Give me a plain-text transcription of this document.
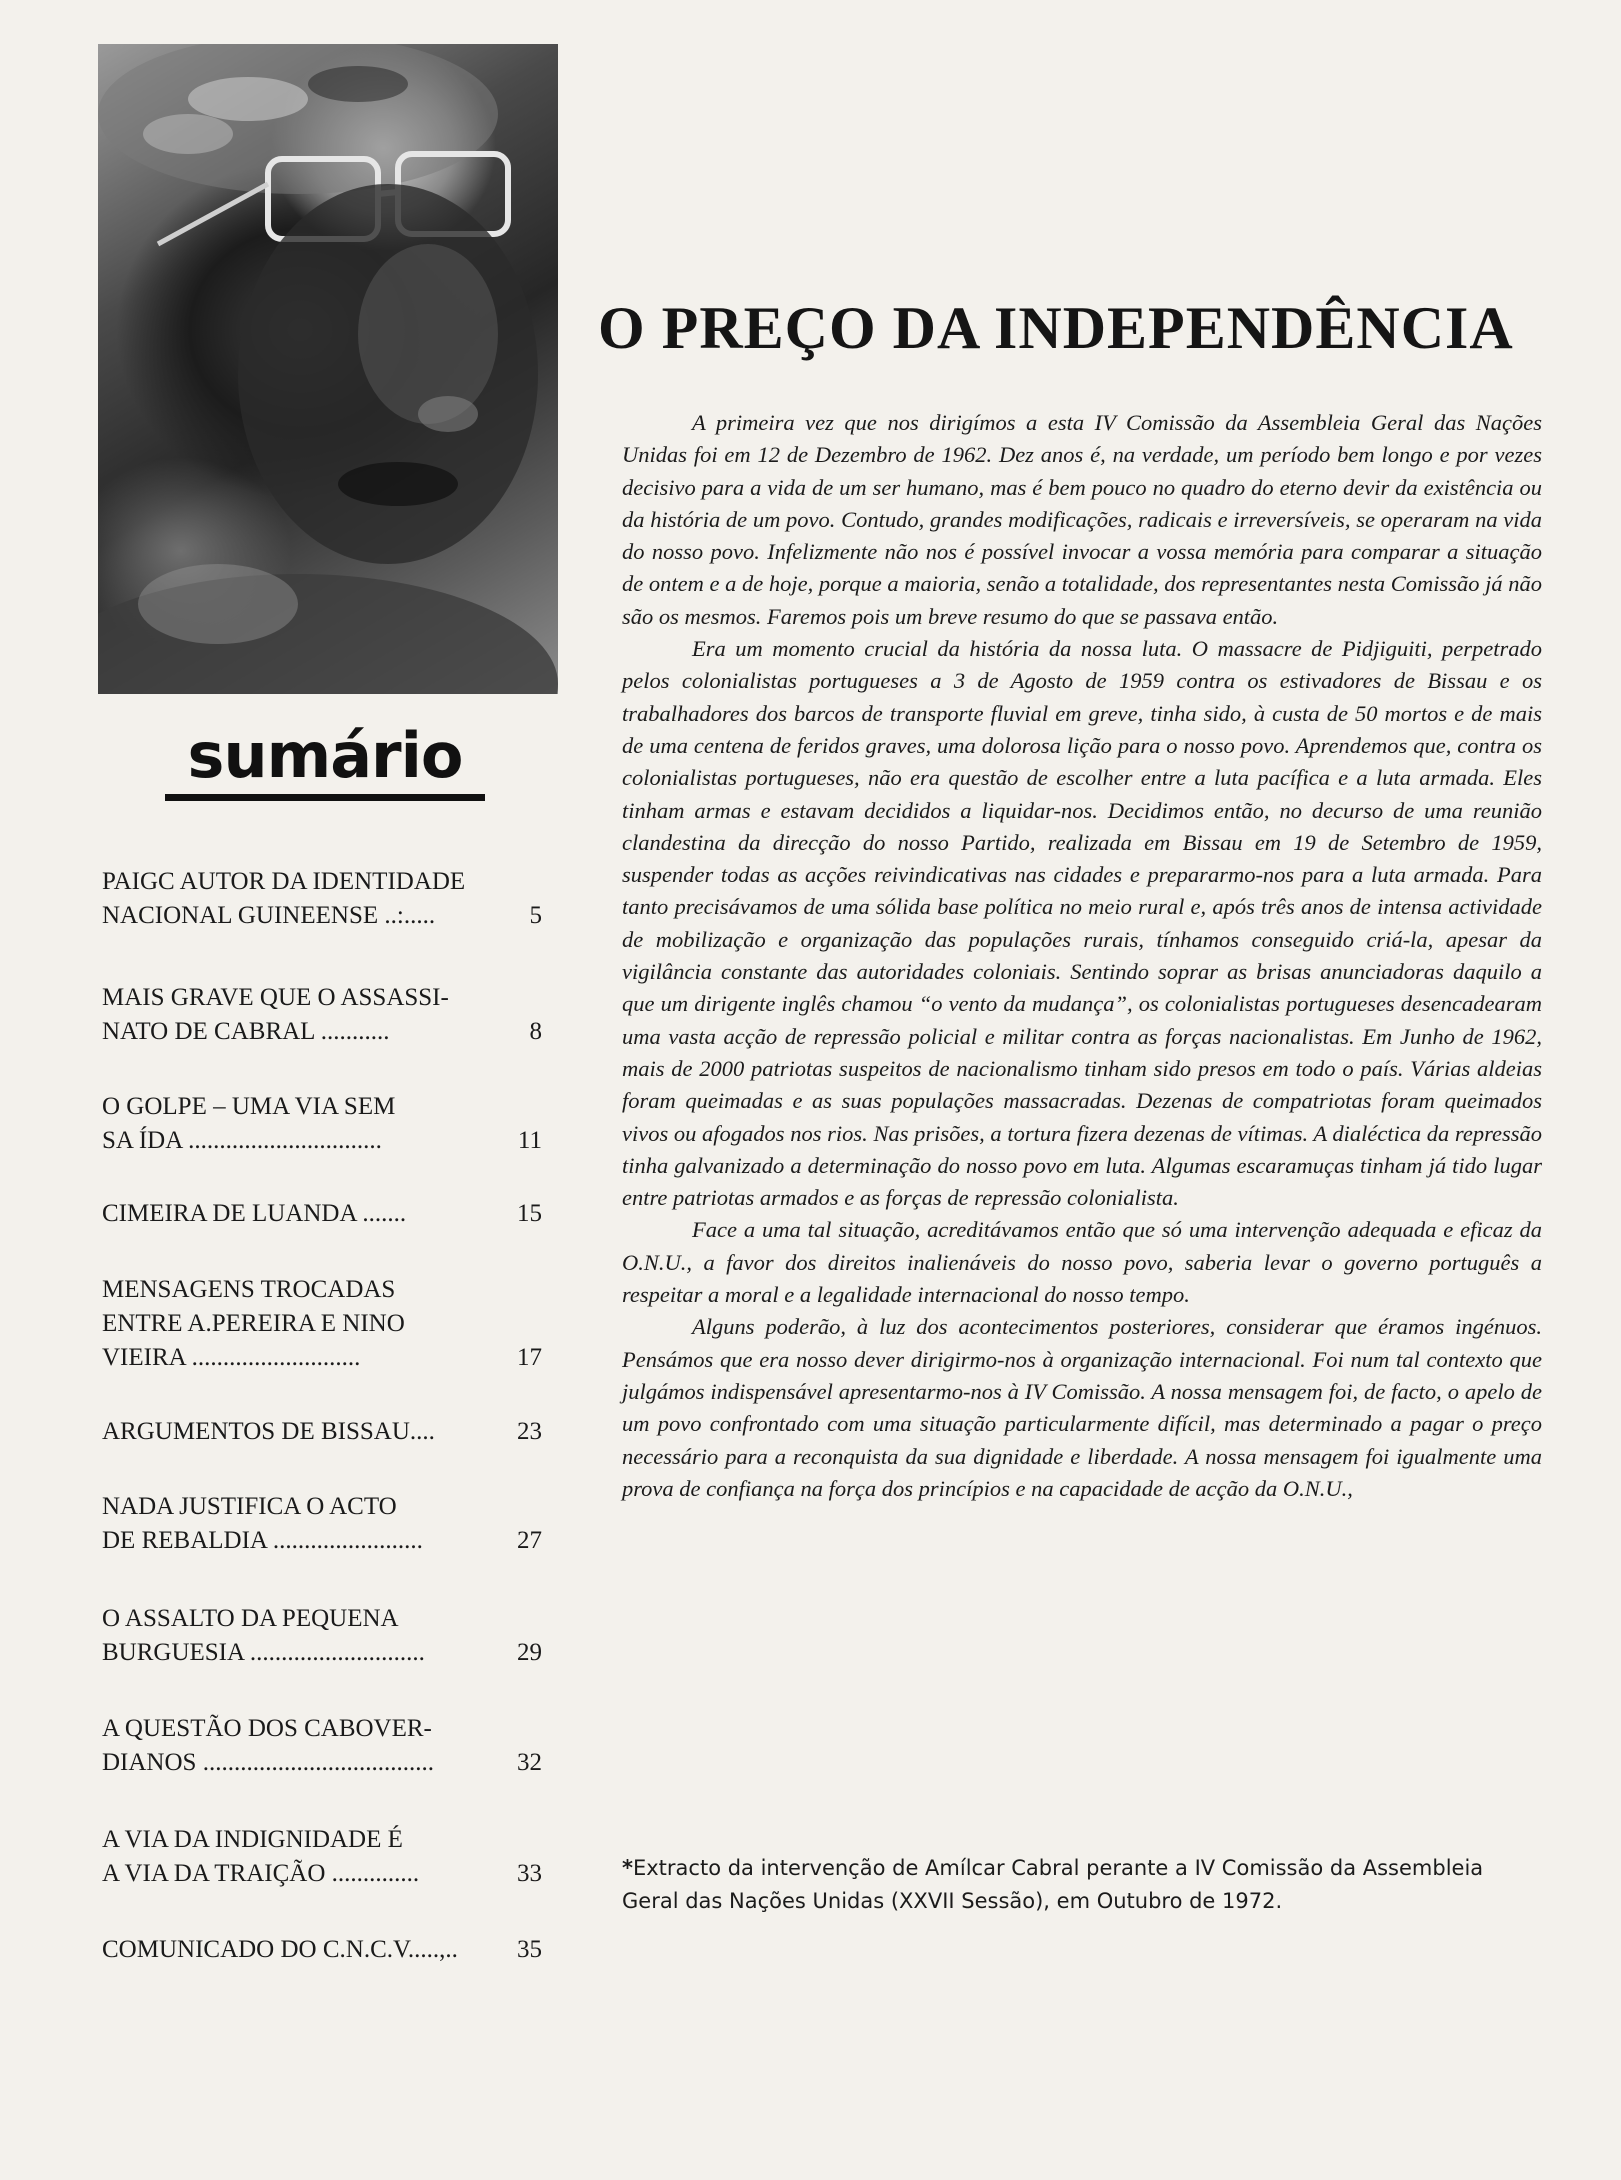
sumário
PAIGC AUTOR DA IDENTIDADE
NACIONAL GUINEENSE ..:.....	5
MAIS GRAVE QUE O ASSASSI-
NATO DE CABRAL ...........	8
O GOLPE – UMA VIA SEM
SA ÍDA ...............................	11
CIMEIRA DE LUANDA .......	15
MENSAGENS TROCADAS
ENTRE A.PEREIRA E NINO
VIEIRA ...........................	17
ARGUMENTOS DE BISSAU....	23
NADA JUSTIFICA O ACTO
DE REBALDIA ........................	27
O ASSALTO DA PEQUENA
BURGUESIA ............................	29
A QUESTÃO DOS CABOVER-
DIANOS .....................................	32
A VIA DA INDIGNIDADE É
A VIA DA TRAIÇÃO ..............	33
COMUNICADO DO C.N.C.V.....,.. 35
O PREÇO DA INDEPENDÊNCIA

A primeira vez que nos dirigímos a esta IV Comissão da Assembleia Geral das Nações Unidas foi em 12 de Dezembro de 1962. Dez anos é, na verdade, um período bem longo e por vezes decisivo para a vida de um ser humano, mas é bem pouco no quadro do eterno devir da existência ou da história de um povo. Contudo, grandes modificações, radicais e irreversíveis, se operaram na vida do nosso povo. Infelizmente não nos é possível invocar a vossa memória para comparar a situação de ontem e a de hoje, porque a maioria, senão a totalidade, dos representantes nesta Comissão já não são os mesmos. Faremos pois um breve resumo do que se passava então.

Era um momento crucial da história da nossa luta. O massacre de Pidjiguiti, perpetrado pelos colonialistas portugueses a 3 de Agosto de 1959 contra os estivadores de Bissau e os trabalhadores dos barcos de transporte fluvial em greve, tinha sido, à custa de 50 mortos e de mais de uma centena de feridos graves, uma dolorosa lição para o nosso povo. Aprendemos que, contra os colonialistas portugueses, não era questão de escolher entre a luta pacífica e a luta armada. Eles tinham armas e estavam decididos a liquidar-nos. Decidimos então, no decurso de uma reunião clandestina da direcção do nosso Partido, realizada em Bissau em 19 de Setembro de 1959, suspender todas as acções reivindicativas nas cidades e prepararmo-nos para a luta armada. Para tanto precisávamos de uma sólida base política no meio rural e, após três anos de intensa actividade de mobilização e organização das populações rurais, tínhamos conseguido criá-la, apesar da vigilância constante das autoridades coloniais. Sentindo soprar as brisas anunciadoras daquilo a que um dirigente inglês chamou “o vento da mudança”, os colonialistas portugueses desencadearam uma vasta acção de repressão policial e militar contra as forças nacionalistas. Em Junho de 1962, mais de 2000 patriotas suspeitos de nacionalismo tinham sido presos em todo o país. Várias aldeias foram queimadas e as suas populações massacradas. Dezenas de compatriotas foram queimados vivos ou afogados nos rios. Nas prisões, a tortura fizera dezenas de vítimas. A dialéctica da repressão tinha galvanizado a determinação do nosso povo em luta. Algumas escaramuças tinham já tido lugar entre patriotas armados e as forças de repressão colonialista.

Face a uma tal situação, acreditávamos então que só uma intervenção adequada e eficaz da O.N.U., a favor dos direitos inalienáveis do nosso povo, saberia levar o governo português a respeitar a moral e a legalidade internacional do nosso tempo.

Alguns poderão, à luz dos acontecimentos posteriores, considerar que éramos ingénuos. Pensámos que era nosso dever dirigirmo-nos à organização internacional. Foi num tal contexto que julgámos indispensável apresentarmo-nos à IV Comissão. A nossa mensagem foi, de facto, o apelo de um povo confrontado com uma situação particularmente difícil, mas determinado a pagar o preço necessário para a reconquista da sua dignidade e liberdade. A nossa mensagem foi igualmente uma prova de confiança na força dos princípios e na capacidade de acção da O.N.U.,

*Extracto da intervenção de Amílcar Cabral perante a IV Comissão da Assembleia Geral das Nações Unidas (XXVII Sessão), em Outubro de 1972.
